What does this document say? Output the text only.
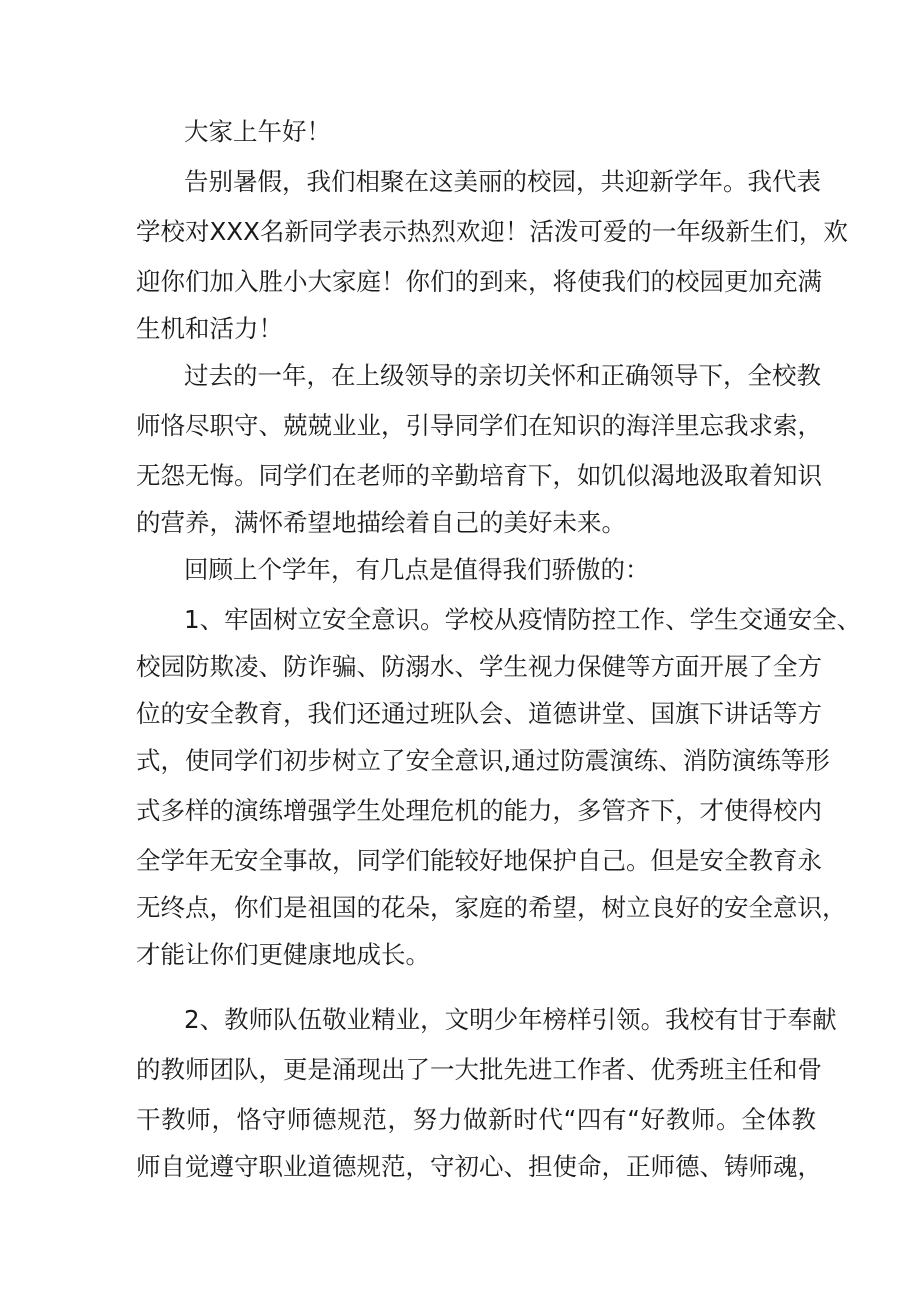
大家上午好！
告别暑假，我们相聚在这美丽的校园，共迎新学年。我代表
学校对XXX名新同学表示热烈欢迎！活泼可爱的一年级新生们，欢
迎你们加入胜小大家庭！你们的到来，将使我们的校园更加充满
生机和活力！
过去的一年，在上级领导的亲切关怀和正确领导下，全校教
师恪尽职守、兢兢业业，引导同学们在知识的海洋里忘我求索，
无怨无悔。同学们在老师的辛勤培育下，如饥似渴地汲取着知识
的营养，满怀希望地描绘着自己的美好未来。
回顾上个学年，有几点是值得我们骄傲的：
1、牢固树立安全意识。学校从疫情防控工作、学生交通安全、
校园防欺凌、防诈骗、防溺水、学生视力保健等方面开展了全方
位的安全教育，我们还通过班队会、道德讲堂、国旗下讲话等方
式，使同学们初步树立了安全意识,通过防震演练、消防演练等形
式多样的演练增强学生处理危机的能力，多管齐下，才使得校内
全学年无安全事故，同学们能较好地保护自己。但是安全教育永
无终点，你们是祖国的花朵，家庭的希望，树立良好的安全意识，
才能让你们更健康地成长。
2、教师队伍敬业精业，文明少年榜样引领。我校有甘于奉献
的教师团队，更是涌现出了一大批先进工作者、优秀班主任和骨
干教师，恪守师德规范，努力做新时代“四有“好教师。全体教
师自觉遵守职业道德规范，守初心、担使命，正师德、铸师魂，
